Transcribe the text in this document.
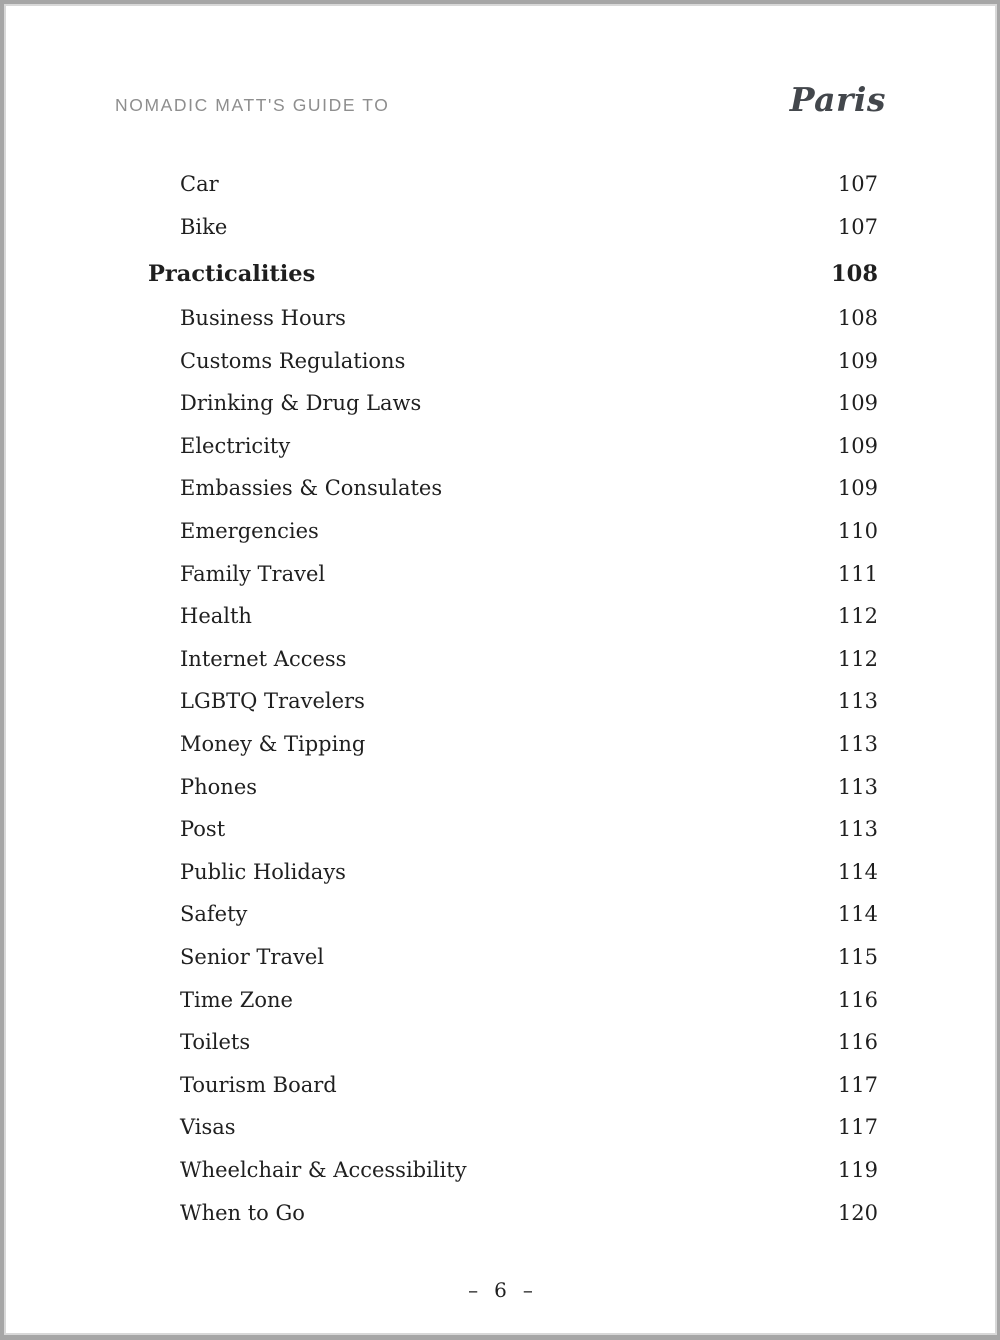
NOMADIC MATT'S GUIDE TO	Paris
Car	107
Bike	107
Practicalities	108
Business Hours	108
Customs Regulations	109
Drinking & Drug Laws	109
Electricity	109
Embassies & Consulates	109
Emergencies	110
Family Travel	111
Health	112
Internet Access	112
LGBTQ Travelers	113
Money & Tipping	113
Phones	113
Post	113
Public Holidays	114
Safety	114
Senior Travel	115
Time Zone	116
Toilets	116
Tourism Board	117
Visas	117
Wheelchair & Accessibility	119
When to Go	120
– 6 –
